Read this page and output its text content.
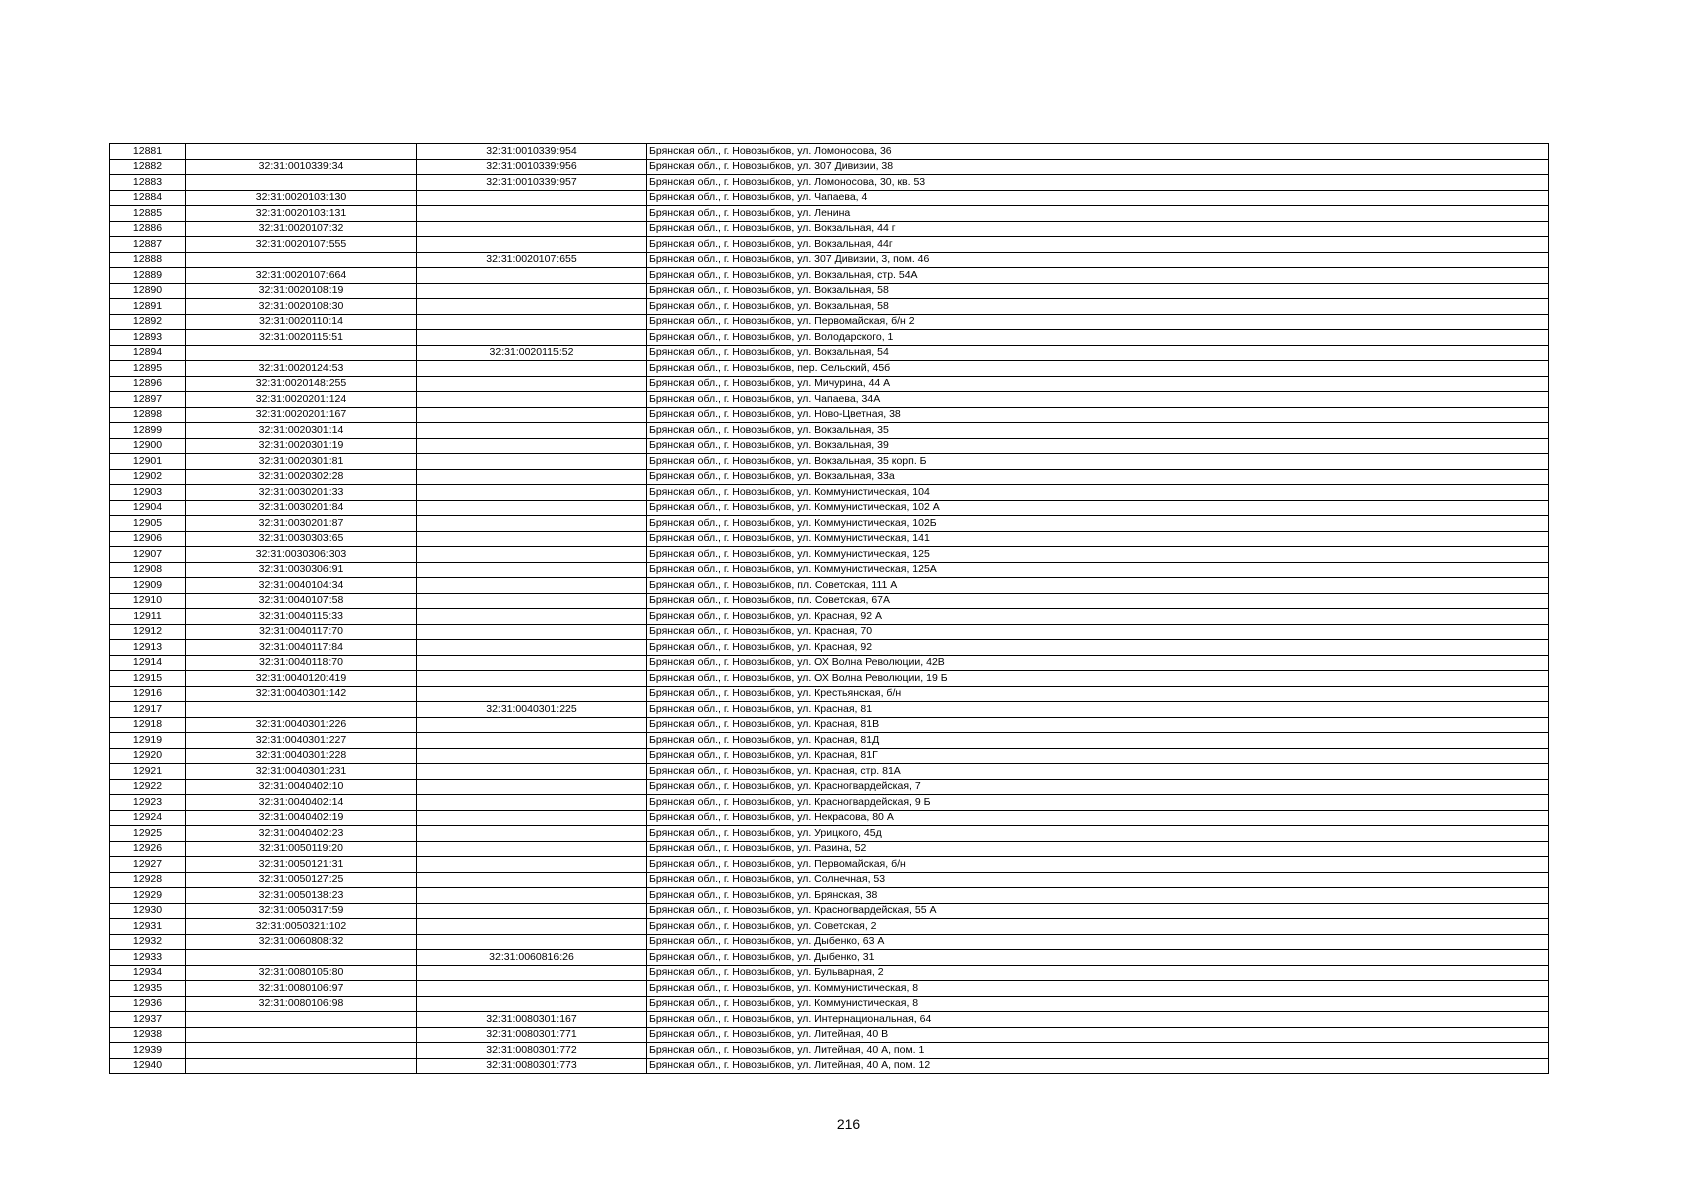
12881		32:31:0010339:954	Брянская обл., г. Новозыбков, ул. Ломоносова, 36
12882	32:31:0010339:34	32:31:0010339:956	Брянская обл., г. Новозыбков, ул. 307 Дивизии, 38
12883		32:31:0010339:957	Брянская обл., г. Новозыбков, ул. Ломоносова, 30, кв. 53
12884	32:31:0020103:130		Брянская обл., г. Новозыбков, ул. Чапаева, 4
12885	32:31:0020103:131		Брянская обл., г. Новозыбков, ул. Ленина
12886	32:31:0020107:32		Брянская обл., г. Новозыбков, ул. Вокзальная, 44 г
12887	32:31:0020107:555		Брянская обл., г. Новозыбков, ул. Вокзальная, 44г
12888		32:31:0020107:655	Брянская обл., г. Новозыбков, ул. 307 Дивизии, 3, пом. 46
12889	32:31:0020107:664		Брянская обл., г. Новозыбков, ул. Вокзальная, стр. 54А
12890	32:31:0020108:19		Брянская обл., г. Новозыбков, ул. Вокзальная, 58
12891	32:31:0020108:30		Брянская обл., г. Новозыбков, ул. Вокзальная, 58
12892	32:31:0020110:14		Брянская обл., г. Новозыбков, ул. Первомайская, б/н 2
12893	32:31:0020115:51		Брянская обл., г. Новозыбков, ул. Володарского, 1
12894		32:31:0020115:52	Брянская обл., г. Новозыбков, ул. Вокзальная, 54
12895	32:31:0020124:53		Брянская обл., г. Новозыбков, пер. Сельский, 45б
12896	32:31:0020148:255		Брянская обл., г. Новозыбков, ул. Мичурина, 44 А
12897	32:31:0020201:124		Брянская обл., г. Новозыбков, ул. Чапаева, 34А
12898	32:31:0020201:167		Брянская обл., г. Новозыбков, ул. Ново-Цветная, 38
12899	32:31:0020301:14		Брянская обл., г. Новозыбков, ул. Вокзальная, 35
12900	32:31:0020301:19		Брянская обл., г. Новозыбков, ул. Вокзальная, 39
12901	32:31:0020301:81		Брянская обл., г. Новозыбков, ул. Вокзальная, 35 корп. Б
12902	32:31:0020302:28		Брянская обл., г. Новозыбков, ул. Вокзальная, 33а
12903	32:31:0030201:33		Брянская обл., г. Новозыбков, ул. Коммунистическая, 104
12904	32:31:0030201:84		Брянская обл., г. Новозыбков, ул. Коммунистическая, 102 А
12905	32:31:0030201:87		Брянская обл., г. Новозыбков, ул. Коммунистическая, 102Б
12906	32:31:0030303:65		Брянская обл., г. Новозыбков, ул. Коммунистическая, 141
12907	32:31:0030306:303		Брянская обл., г. Новозыбков, ул. Коммунистическая, 125
12908	32:31:0030306:91		Брянская обл., г. Новозыбков, ул. Коммунистическая, 125А
12909	32:31:0040104:34		Брянская обл., г. Новозыбков, пл. Советская, 111 А
12910	32:31:0040107:58		Брянская обл., г. Новозыбков, пл. Советская, 67А
12911	32:31:0040115:33		Брянская обл., г. Новозыбков, ул. Красная, 92 А
12912	32:31:0040117:70		Брянская обл., г. Новозыбков, ул. Красная, 70
12913	32:31:0040117:84		Брянская обл., г. Новозыбков, ул. Красная, 92
12914	32:31:0040118:70		Брянская обл., г. Новозыбков, ул. ОХ Волна Революции, 42В
12915	32:31:0040120:419		Брянская обл., г. Новозыбков, ул. ОХ Волна Революции, 19 Б
12916	32:31:0040301:142		Брянская обл., г. Новозыбков, ул. Крестьянская, б/н
12917		32:31:0040301:225	Брянская обл., г. Новозыбков, ул. Красная, 81
12918	32:31:0040301:226		Брянская обл., г. Новозыбков, ул. Красная, 81В
12919	32:31:0040301:227		Брянская обл., г. Новозыбков, ул. Красная, 81Д
12920	32:31:0040301:228		Брянская обл., г. Новозыбков, ул. Красная, 81Г
12921	32:31:0040301:231		Брянская обл., г. Новозыбков, ул. Красная, стр. 81А
12922	32:31:0040402:10		Брянская обл., г. Новозыбков, ул. Красногвардейская, 7
12923	32:31:0040402:14		Брянская обл., г. Новозыбков, ул. Красногвардейская, 9 Б
12924	32:31:0040402:19		Брянская обл., г. Новозыбков, ул. Некрасова, 80 А
12925	32:31:0040402:23		Брянская обл., г. Новозыбков, ул. Урицкого, 45д
12926	32:31:0050119:20		Брянская обл., г. Новозыбков, ул. Разина, 52
12927	32:31:0050121:31		Брянская обл., г. Новозыбков, ул. Первомайская, б/н
12928	32:31:0050127:25		Брянская обл., г. Новозыбков, ул. Солнечная, 53
12929	32:31:0050138:23		Брянская обл., г. Новозыбков, ул. Брянская, 38
12930	32:31:0050317:59		Брянская обл., г. Новозыбков, ул. Красногвардейская, 55 А
12931	32:31:0050321:102		Брянская обл., г. Новозыбков, ул. Советская, 2
12932	32:31:0060808:32		Брянская обл., г. Новозыбков, ул. Дыбенко, 63 А
12933		32:31:0060816:26	Брянская обл., г. Новозыбков, ул. Дыбенко, 31
12934	32:31:0080105:80		Брянская обл., г. Новозыбков, ул. Бульварная, 2
12935	32:31:0080106:97		Брянская обл., г. Новозыбков, ул. Коммунистическая, 8
12936	32:31:0080106:98		Брянская обл., г. Новозыбков, ул. Коммунистическая, 8
12937		32:31:0080301:167	Брянская обл., г. Новозыбков, ул. Интернациональная, 64
12938		32:31:0080301:771	Брянская обл., г. Новозыбков, ул. Литейная, 40 В
12939		32:31:0080301:772	Брянская обл., г. Новозыбков, ул. Литейная, 40 А, пом. 1
12940		32:31:0080301:773	Брянская обл., г. Новозыбков, ул. Литейная, 40 А, пом. 12
216
